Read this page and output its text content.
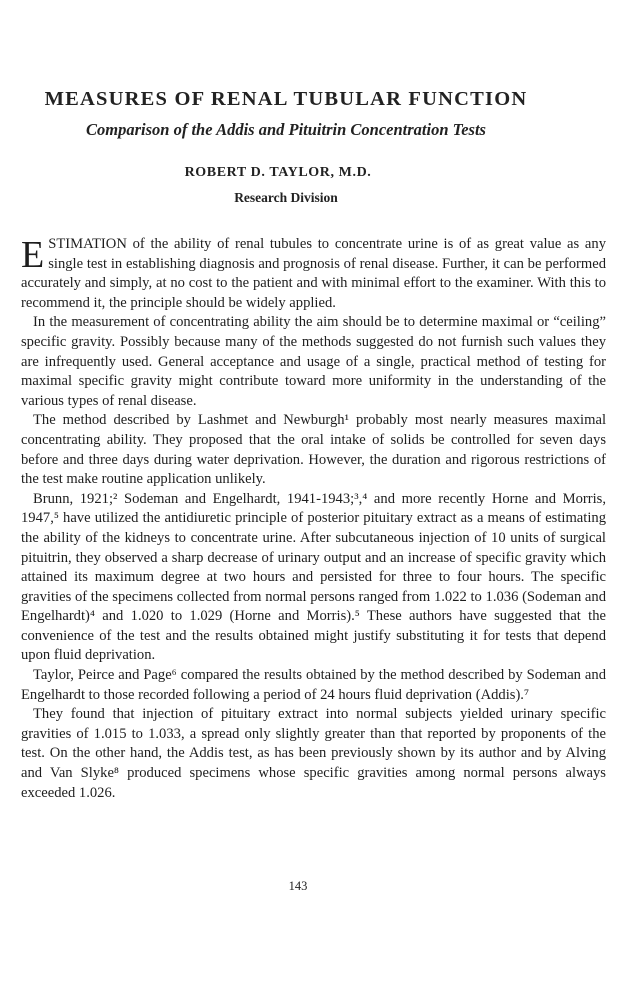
MEASURES OF RENAL TUBULAR FUNCTION
Comparison of the Addis and Pituitrin Concentration Tests
ROBERT D. TAYLOR, M.D.
Research Division

ESTIMATION of the ability of renal tubules to concentrate urine is of as great value as any single test in establishing diagnosis and prognosis of renal disease. Further, it can be performed accurately and simply, at no cost to the patient and with minimal effort to the examiner. With this to recommend it, the principle should be widely applied.

In the measurement of concentrating ability the aim should be to determine maximal or “ceiling” specific gravity. Possibly because many of the methods suggested do not furnish such values they are infrequently used. General acceptance and usage of a single, practical method of testing for maximal specific gravity might contribute toward more uniformity in the understanding of the various types of renal disease.

The method described by Lashmet and Newburgh¹ probably most nearly measures maximal concentrating ability. They proposed that the oral intake of solids be controlled for seven days before and three days during water deprivation. However, the duration and rigorous restrictions of the test make routine application unlikely.

Brunn, 1921;² Sodeman and Engelhardt, 1941-1943;³,⁴ and more recently Horne and Morris, 1947,⁵ have utilized the antidiuretic principle of posterior pituitary extract as a means of estimating the ability of the kidneys to concentrate urine. After subcutaneous injection of 10 units of surgical pituitrin, they observed a sharp decrease of urinary output and an increase of specific gravity which attained its maximum degree at two hours and persisted for three to four hours. The specific gravities of the specimens collected from normal persons ranged from 1.022 to 1.036 (Sodeman and Engelhardt)⁴ and 1.020 to 1.029 (Horne and Morris).⁵ These authors have suggested that the convenience of the test and the results obtained might justify substituting it for tests that depend upon fluid deprivation.

Taylor, Peirce and Page⁶ compared the results obtained by the method described by Sodeman and Engelhardt to those recorded following a period of 24 hours fluid deprivation (Addis).⁷

They found that injection of pituitary extract into normal subjects yielded urinary specific gravities of 1.015 to 1.033, a spread only slightly greater than that reported by proponents of the test. On the other hand, the Addis test, as has been previously shown by its author and by Alving and Van Slyke⁸ produced specimens whose specific gravities among normal persons always exceeded 1.026.

143
